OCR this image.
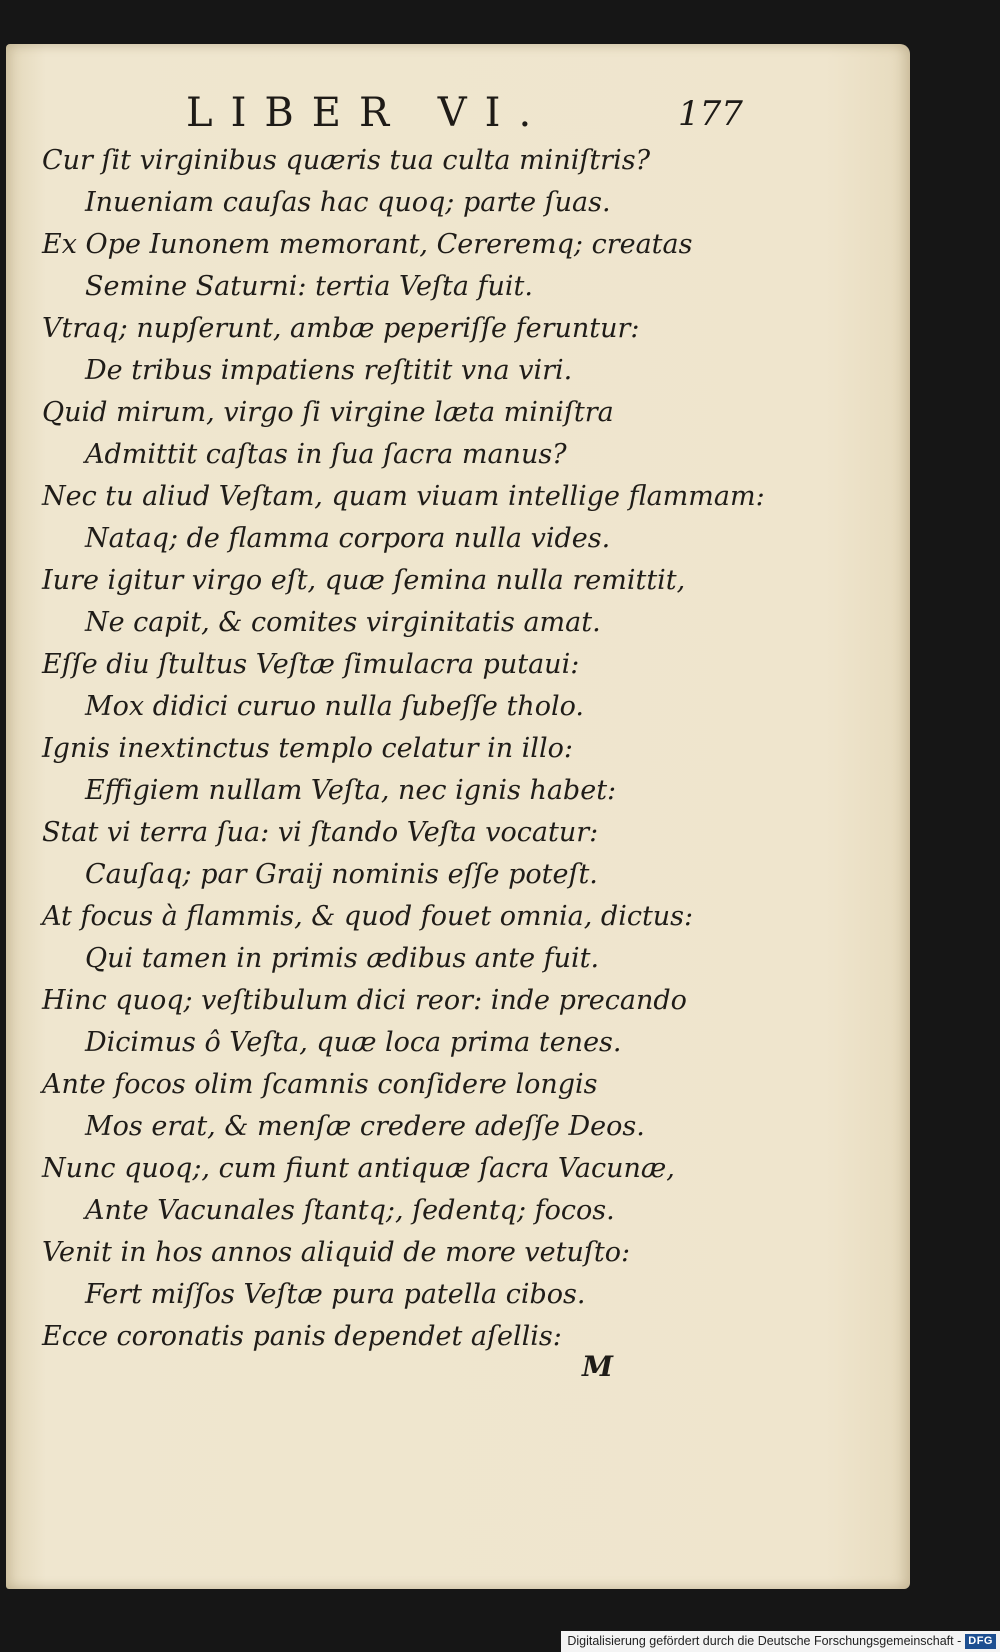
LIBER VI.	177
Cur ſit virginibus quæris tua culta miniſtris?
Inueniam cauſas hac quoq; parte ſuas.
Ex Ope Iunonem memorant, Cereremq; creatas
Semine Saturni: tertia Veſta fuit.
Vtraq; nupſerunt, ambæ peperiſſe feruntur:
De tribus impatiens reſtitit vna viri.
Quid mirum, virgo ſi virgine læta miniſtra
Admittit caſtas in ſua ſacra manus?
Nec tu aliud Veſtam, quam viuam intellige flammam:
Nataq; de flamma corpora nulla vides.
Iure igitur virgo eſt, quæ ſemina nulla remittit,
Ne capit, & comites virginitatis amat.
Eſſe diu ſtultus Veſtæ ſimulacra putaui:
Mox didici curuo nulla ſubeſſe tholo.
Ignis inextinctus templo celatur in illo:
Effigiem nullam Veſta, nec ignis habet:
Stat vi terra ſua: vi ſtando Veſta vocatur:
Cauſaq; par Graij nominis eſſe poteſt.
At focus à flammis, & quod fouet omnia, dictus:
Qui tamen in primis ædibus ante fuit.
Hinc quoq; veſtibulum dici reor: inde precando
Dicimus ô Veſta, quæ loca prima tenes.
Ante focos olim ſcamnis conſidere longis
Mos erat, & menſæ credere adeſſe Deos.
Nunc quoq;, cum fiunt antiquæ ſacra Vacunæ,
Ante Vacunales ſtantq;, ſedentq; focos.
Venit in hos annos aliquid de more vetuſto:
Fert miſſos Veſtæ pura patella cibos.
Ecce coronatis panis dependet aſellis:
M
Digitalisierung gefördert durch die Deutsche Forschungsgemeinschaft - DFG
